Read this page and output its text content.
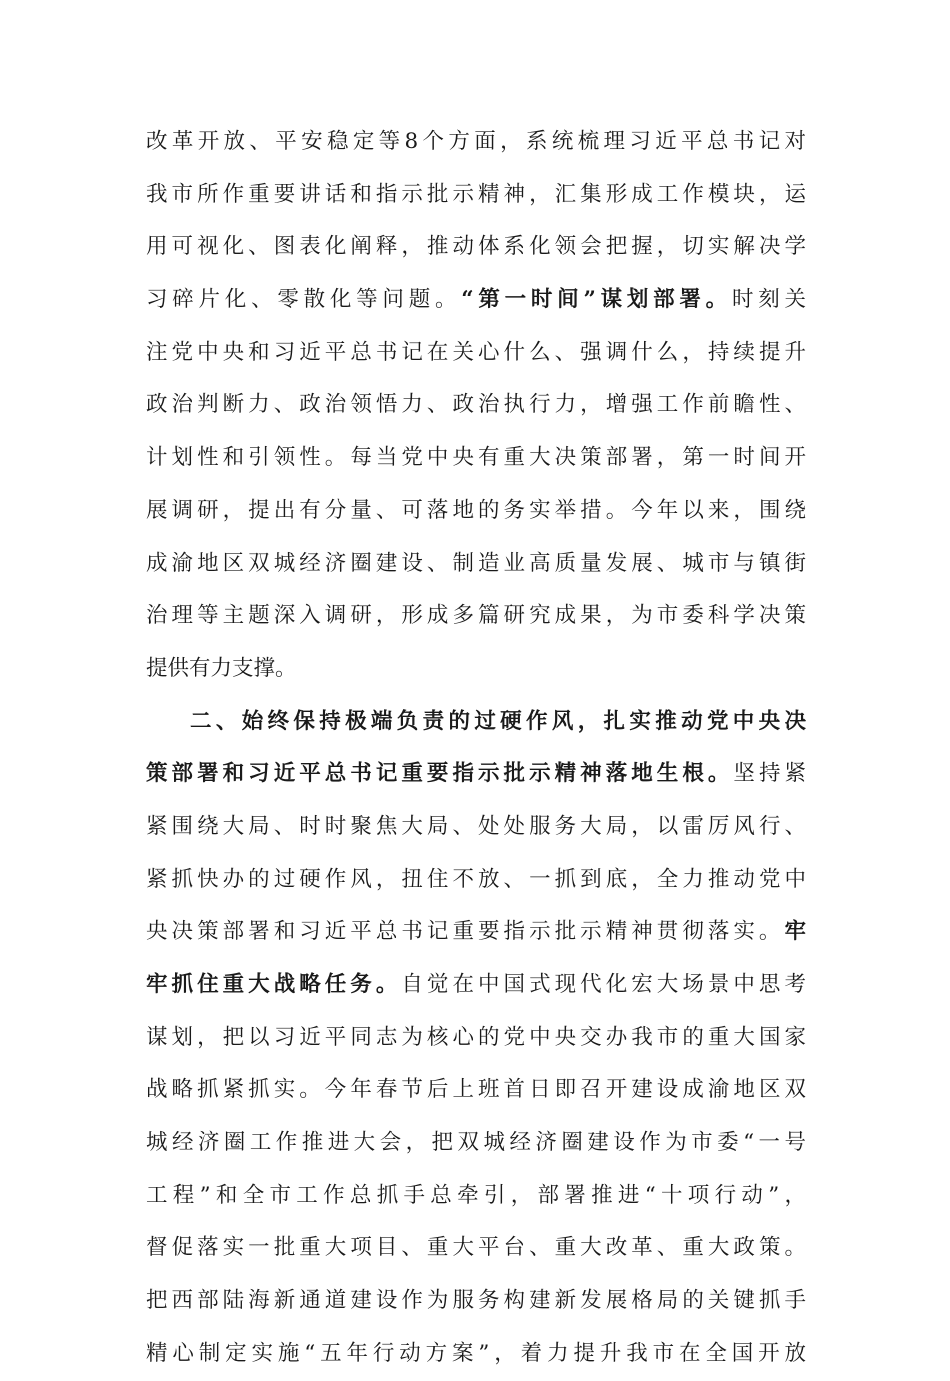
改革开放、平安稳定等8个方面，系统梳理习近平总书记对
我市所作重要讲话和指示批示精神，汇集形成工作模块，运
用可视化、图表化阐释，推动体系化领会把握，切实解决学
习碎片化、零散化等问题。“第一时间”谋划部署。时刻关
注党中央和习近平总书记在关心什么、强调什么，持续提升
政治判断力、政治领悟力、政治执行力，增强工作前瞻性、
计划性和引领性。每当党中央有重大决策部署，第一时间开
展调研，提出有分量、可落地的务实举措。今年以来，围绕
成渝地区双城经济圈建设、制造业高质量发展、城市与镇街
治理等主题深入调研，形成多篇研究成果，为市委科学决策
提供有力支撑。
二、始终保持极端负责的过硬作风，扎实推动党中央决
策部署和习近平总书记重要指示批示精神落地生根。坚持紧
紧围绕大局、时时聚焦大局、处处服务大局，以雷厉风行、
紧抓快办的过硬作风，扭住不放、一抓到底，全力推动党中
央决策部署和习近平总书记重要指示批示精神贯彻落实。牢
牢抓住重大战略任务。自觉在中国式现代化宏大场景中思考
谋划，把以习近平同志为核心的党中央交办我市的重大国家
战略抓紧抓实。今年春节后上班首日即召开建设成渝地区双
城经济圈工作推进大会，把双城经济圈建设作为市委“一号
工程”和全市工作总抓手总牵引，部署推进“十项行动”，
督促落实一批重大项目、重大平台、重大改革、重大政策。
把西部陆海新通道建设作为服务构建新发展格局的关键抓手
精心制定实施“五年行动方案”，着力提升我市在全国开放
